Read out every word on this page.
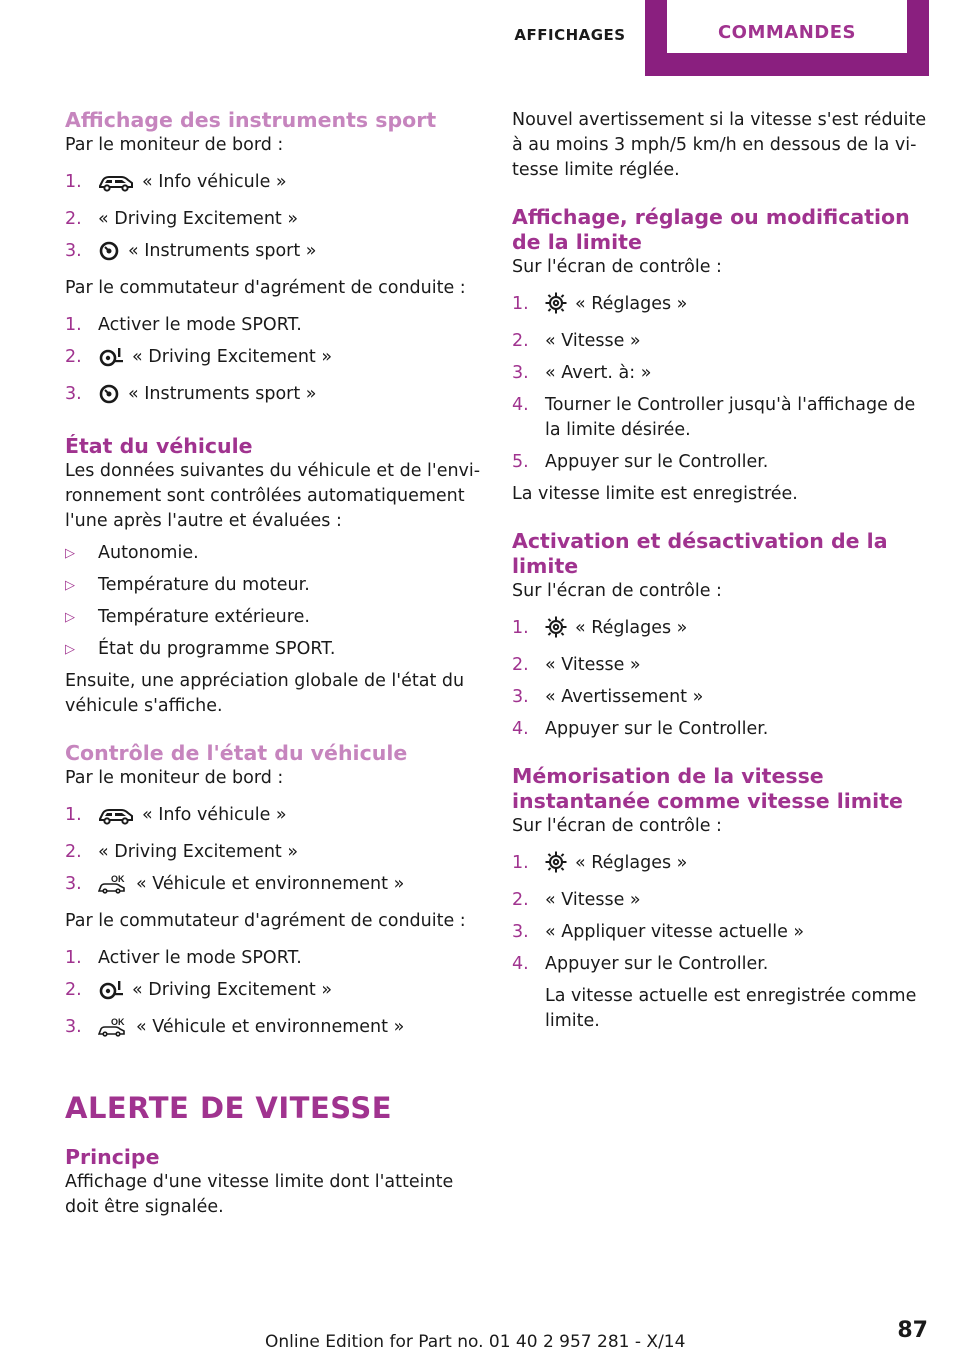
AFFICHAGES	COMMANDES
Affichage des instruments sport

Par le moniteur de bord :

1.	« Info véhicule »
2. « Driving Excitement »
3.	« Instruments sport »

Par le commutateur d'agrément de conduite :

1. Activer le mode SPORT.
2.	« Driving Excitement »
3.	« Instruments sport »
État du véhicule

Les données suivantes du véhicule et de l'environnement sont contrôlées automatiquement l'une après l'autre et évaluées :

▷ Autonomie.
▷ Température du moteur.
▷ Température extérieure.
▷ État du programme SPORT.

Ensuite, une appréciation globale de l'état du véhicule s'affiche.

Contrôle de l'état du véhicule

Par le moniteur de bord :

1.	« Info véhicule »
2. « Driving Excitement »
3.	OK « Véhicule et environnement »

Par le commutateur d'agrément de conduite :

1. Activer le mode SPORT.
2.	« Driving Excitement »
3.	OK « Véhicule et environnement »
ALERTE DE VITESSE
Principe

Affichage d'une vitesse limite dont l'atteinte doit être signalée.

Nouvel avertissement si la vitesse s'est réduite à au moins 3 mph/5 km/h en dessous de la vitesse limite réglée.

Affichage, réglage ou modification de la limite

Sur l'écran de contrôle :

1.	« Réglages »
2. « Vitesse »
3. « Avert. à: »
4. Tourner le Controller jusqu'à l'affichage de la limite désirée.
5. Appuyer sur le Controller.

La vitesse limite est enregistrée.

Activation et désactivation de la limite

Sur l'écran de contrôle :

1.	« Réglages »
2. « Vitesse »
3. « Avertissement »
4. Appuyer sur le Controller.
Mémorisation de la vitesse instantanée comme vitesse limite

Sur l'écran de contrôle :

1.	« Réglages »
2. « Vitesse »
3. « Appliquer vitesse actuelle »
4. Appuyer sur le Controller.
La vitesse actuelle est enregistrée comme limite.
Online Edition for Part no. 01 40 2 957 281 - X/14	87
